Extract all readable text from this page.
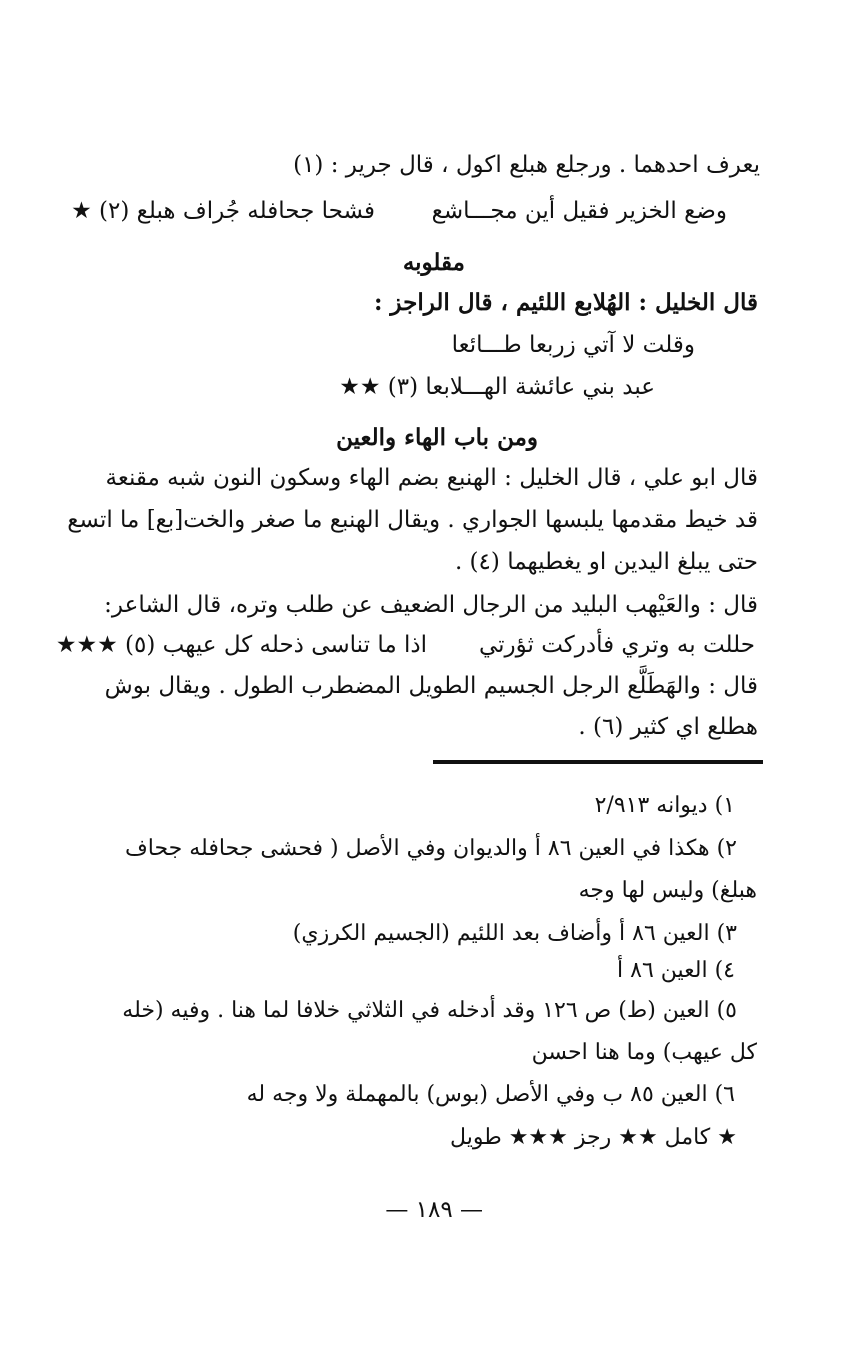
يعرف احدهما . ورجلع هبلع اكول ، قال جرير : (١)
وضع الخزير فقيل أين مجـــاشع
فشحا جحافله جُراف هبلع (٢) ★
مقلوبه
قال الخليل : الهُلابع اللئيم ، قال الراجز :
وقلت لا آتي زربعا طـــائعا
عبد بني عائشة الهـــلابعا (٣) ★★
ومن باب الهاء والعين
قال ابو علي ، قال الخليل : الهنبع بضم الهاء وسكون النون شبه مقنعة
قد خيط مقدمها يلبسها الجواري . ويقال الهنبع ما صغر والخت[بع] ما اتسع
حتى يبلغ اليدين او يغطيهما (٤) .
قال : والعَيْهب البليد من الرجال الضعيف عن طلب وتره، قال الشاعر:
حللت به وتري فأدركت ثؤرتي
اذا ما تناسى ذحله كل عيهب (٥) ★★★
قال : والهَطَلَّع الرجل الجسيم الطويل المضطرب الطول . ويقال بوش
هطلع اي كثير (٦) .
١) ديوانه ٢/٩١٣
٢) هكذا في العين ٨٦ أ والديوان وفي الأصل ( فحشى جحافله جحاف
هبلغ) وليس لها وجه
٣) العين ٨٦ أ وأضاف بعد اللئيم (الجسيم الكرزي)
٤) العين ٨٦ أ
٥) العين (ط) ص ١٢٦ وقد أدخله في الثلاثي خلافا لما هنا . وفيه (خله
كل عيهب) وما هنا احسن
٦) العين ٨٥ ب وفي الأصل (بوس) بالمهملة ولا وجه له
★ كامل ★★ رجز ★★★ طويل
— ١٨٩ —
